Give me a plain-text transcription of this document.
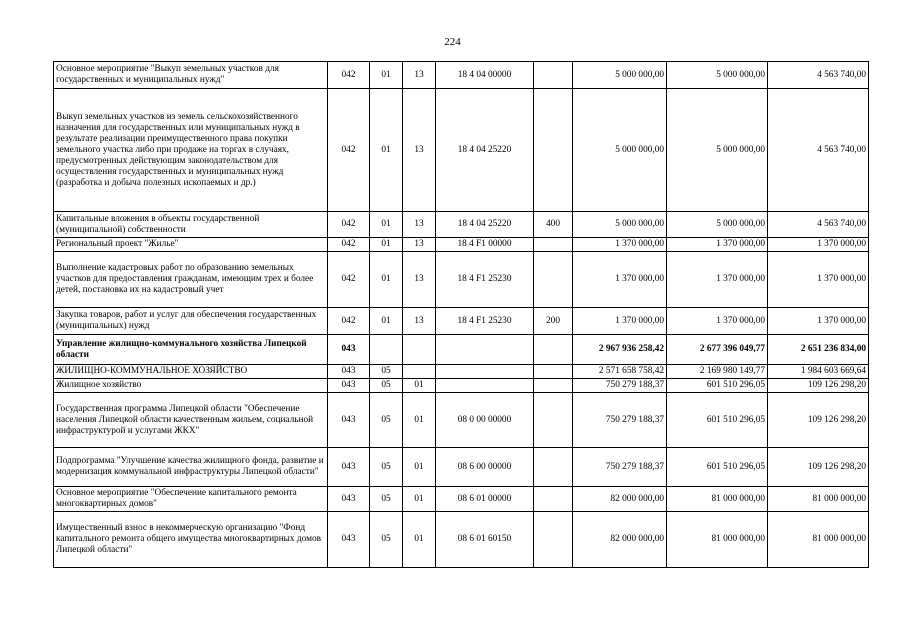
224
Основное мероприятие "Выкуп земельных участков для государственных и муниципальных нужд"	042	01	13	18 4 04 00000		5 000 000,00	5 000 000,00	4 563 740,00
Выкуп земельных участков из земель сельскохозяйственного назначения для государственных или муниципальных нужд в результате реализации преимущественного права покупки земельного участка либо при продаже на торгах в случаях, предусмотренных действующим законодательством для осуществления государственных и муниципальных нужд (разработка и добыча полезных ископаемых и др.)	042	01	13	18 4 04 25220		5 000 000,00	5 000 000,00	4 563 740,00
Капитальные вложения в объекты государственной (муниципальной) собственности	042	01	13	18 4 04 25220	400	5 000 000,00	5 000 000,00	4 563 740,00
Региональный проект "Жилье"	042	01	13	18 4 F1 00000		1 370 000,00	1 370 000,00	1 370 000,00
Выполнение кадастровых работ по образованию земельных участков для предоставления гражданам, имеющим трех и более детей, постановка их на кадастровый учет	042	01	13	18 4 F1 25230		1 370 000,00	1 370 000,00	1 370 000,00
Закупка товаров, работ и услуг для обеспечения государственных (муниципальных) нужд	042	01	13	18 4 F1 25230	200	1 370 000,00	1 370 000,00	1 370 000,00
Управление жилищно-коммунального хозяйства Липецкой области	043					2 967 936 258,42	2 677 396 049,77	2 651 236 834,00
ЖИЛИЩНО-КОММУНАЛЬНОЕ ХОЗЯЙСТВО	043	05				2 571 658 758,42	2 169 980 149,77	1 984 603 669,64
Жилищное хозяйство	043	05	01			750 279 188,37	601 510 296,05	109 126 298,20
Государственная программа Липецкой области "Обеспечение населения Липецкой области качественным жильем, социальной инфраструктурой и услугами ЖКХ"	043	05	01	08 0 00 00000		750 279 188,37	601 510 296,05	109 126 298,20
Подпрограмма "Улучшение качества жилищного фонда, развитие и модернизация коммунальной инфраструктуры Липецкой области"	043	05	01	08 6 00 00000		750 279 188,37	601 510 296,05	109 126 298,20
Основное мероприятие "Обеспечение капитального ремонта многоквартирных домов"	043	05	01	08 6 01 00000		82 000 000,00	81 000 000,00	81 000 000,00
Имущественный взнос в некоммерческую организацию "Фонд капитального ремонта общего имущества многоквартирных домов Липецкой области"	043	05	01	08 6 01 60150		82 000 000,00	81 000 000,00	81 000 000,00
